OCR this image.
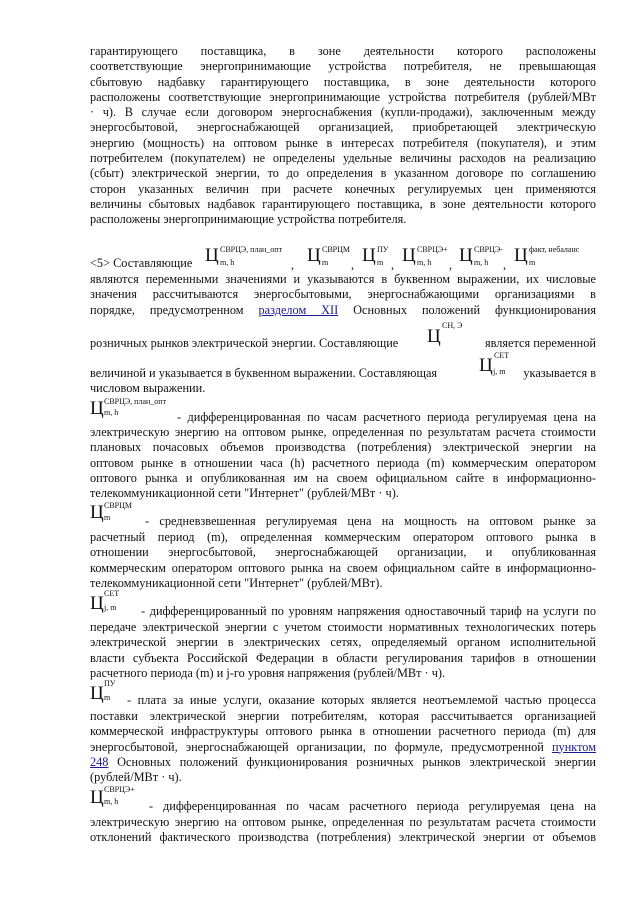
гарантирующего поставщика, в зоне деятельности которого расположены
соответствующие энергопринимающие устройства потребителя, не превышающая
сбытовую надбавку гарантирующего поставщика, в зоне деятельности которого
расположены соответствующие энергопринимающие устройства потребителя (рублей/МВт
· ч). В случае если договором энергоснабжения (купли-продажи), заключенным между
энергосбытовой, энергоснабжающей организацией, приобретающей электрическую
энергию (мощность) на оптовом рынке в интересах потребителя (покупателя), и этим
потребителем (покупателем) не определены удельные величины расходов на реализацию
(сбыт) электрической энергии, то до определения в указанном договоре по соглашению
сторон указанных величин при расчете конечных регулируемых цен применяются
величины сбытовых надбавок гарантирующего поставщика, в зоне деятельности которого
расположены энергопринимающие устройства потребителя.
<5> Составляющие Ц СВРЦЭ, план_опт
m, h	, Ц СВРЦМ
m , Ц ПУ
m , Ц СВРЦЭ+
m, h , Ц СВРЦЭ-
m, h , Ц факт, небаланс
m
являются переменными значениями и указываются в буквенном выражении, их числовые
значения рассчитываются энергосбытовыми, энергоснабжающими организациями в
порядке, предусмотренном разделом XII Основных положений функционирования
розничных рынков электрической энергии. Составляющие Ц
СН, Э
является переменной
величиной и указывается в буквенном выражении. Составляющая Ц СЕТ
j, m указывается в
числовом выражении.
Ц СВРЦЭ, план_опт
m, h	- дифференцированная по часам расчетного периода регулируемая цена на
электрическую энергию на оптовом рынке, определенная по результатам расчета стоимости
плановых почасовых объемов производства (потребления) электрической энергии на
оптовом рынке в отношении часа (h) расчетного периода (m) коммерческим оператором
оптового рынка и опубликованная им на своем официальном сайте в информационно-
телекоммуникационной сети "Интернет" (рублей/МВт · ч).
Ц СВРЦМ
m	- средневзвешенная регулируемая цена на мощность на оптовом рынке за
расчетный период (m), определенная коммерческим оператором оптового рынка в
отношении энергосбытовой, энергоснабжающей организации, и опубликованная
коммерческим оператором оптового рынка на своем официальном сайте в информационно-
телекоммуникационной сети "Интернет" (рублей/МВт).
Ц СЕТ
j, m - дифференцированный по уровням напряжения одноставочный тариф на услуги по
передаче электрической энергии с учетом стоимости нормативных технологических потерь
электрической энергии в электрических сетях, определяемый органом исполнительной
власти субъекта Российской Федерации в области регулирования тарифов в отношении
расчетного периода (m) и j-го уровня напряжения (рублей/МВт · ч).
Ц ПУ
m - плата за иные услуги, оказание которых является неотъемлемой частью процесса
поставки электрической энергии потребителям, которая рассчитывается организацией
коммерческой инфраструктуры оптового рынка в отношении расчетного периода (m) для
энергосбытовой, энергоснабжающей организации, по формуле, предусмотренной пунктом
248 Основных положений функционирования розничных рынков электрической энергии
(рублей/МВт · ч).
Ц СВРЦЭ+
m, h	- дифференцированная по часам расчетного периода регулируемая цена на
электрическую энергию на оптовом рынке, определенная по результатам расчета стоимости
отклонений фактического производства (потребления) электрической энергии от объемов
